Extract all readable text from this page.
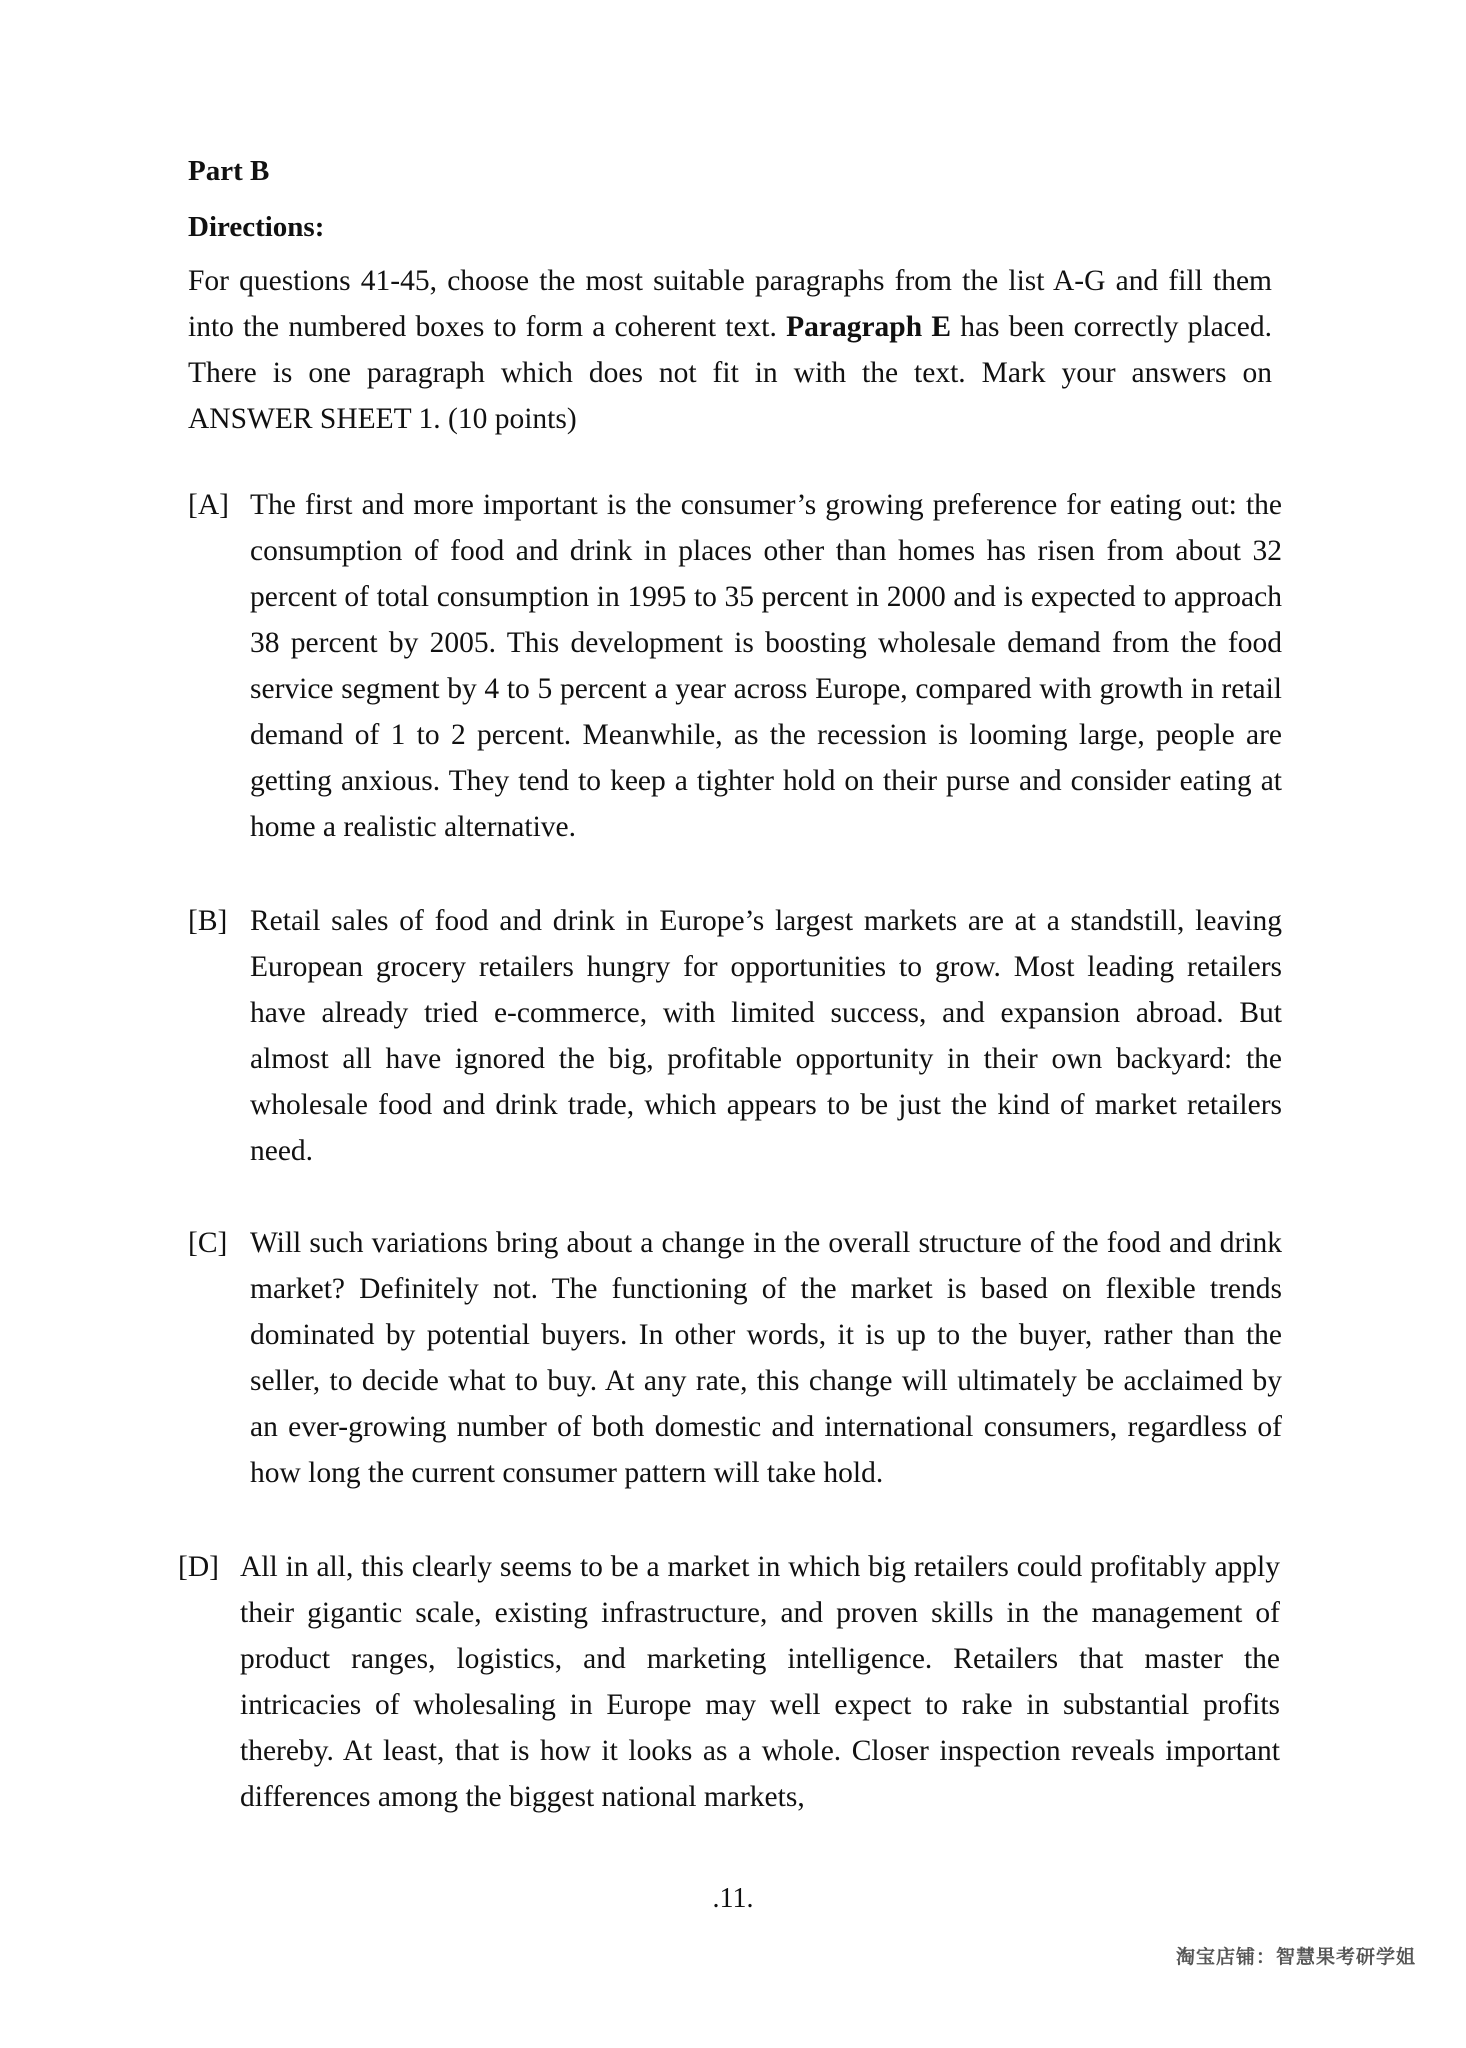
Part B
Directions:

For questions 41-45, choose the most suitable paragraphs from the list A-G and fill them into the numbered boxes to form a coherent text. Paragraph E has been correctly placed. There is one paragraph which does not fit in with the text. Mark your answers on ANSWER SHEET 1. (10 points)

[A] The first and more important is the consumer’s growing preference for eating out: the consumption of food and drink in places other than homes has risen from about 32 percent of total consumption in 1995 to 35 percent in 2000 and is expected to approach 38 percent by 2005. This development is boosting wholesale demand from the food service segment by 4 to 5 percent a year across Europe, compared with growth in retail demand of 1 to 2 percent. Meanwhile, as the recession is looming large, people are getting anxious. They tend to keep a tighter hold on their purse and consider eating at home a realistic alternative.

[B] Retail sales of food and drink in Europe’s largest markets are at a standstill, leaving European grocery retailers hungry for opportunities to grow. Most leading retailers have already tried e-commerce, with limited success, and expansion abroad. But almost all have ignored the big, profitable opportunity in their own backyard: the wholesale food and drink trade, which appears to be just the kind of market retailers need.

[C] Will such variations bring about a change in the overall structure of the food and drink market? Definitely not. The functioning of the market is based on flexible trends dominated by potential buyers. In other words, it is up to the buyer, rather than the seller, to decide what to buy. At any rate, this change will ultimately be acclaimed by an ever-growing number of both domestic and international consumers, regardless of how long the current consumer pattern will take hold.

[D] All in all, this clearly seems to be a market in which big retailers could profitably apply their gigantic scale, existing infrastructure, and proven skills in the management of product ranges, logistics, and marketing intelligence. Retailers that master the intricacies of wholesaling in Europe may well expect to rake in substantial profits thereby. At least, that is how it looks as a whole. Closer inspection reveals important differences among the biggest national markets,

.11.
淘宝店铺：智慧果考研学姐
